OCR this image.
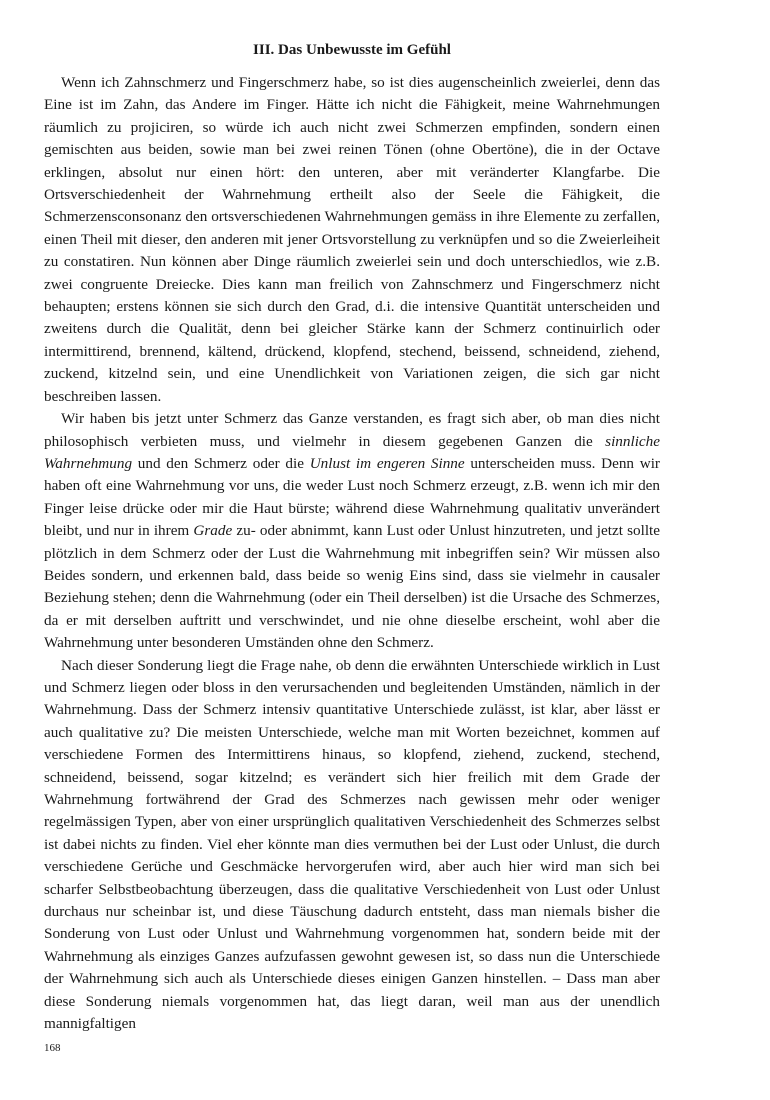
III. Das Unbewusste im Gefühl

Wenn ich Zahnschmerz und Fingerschmerz habe, so ist dies augenscheinlich zweierlei, denn das Eine ist im Zahn, das Andere im Finger. Hätte ich nicht die Fähigkeit, meine Wahrnehmungen räumlich zu projiciren, so würde ich auch nicht zwei Schmerzen empfinden, sondern einen gemischten aus beiden, sowie man bei zwei reinen Tönen (ohne Obertöne), die in der Octave erklingen, absolut nur einen hört: den unteren, aber mit veränderter Klangfarbe. Die Ortsverschiedenheit der Wahrnehmung ertheilt also der Seele die Fähigkeit, die Schmerzensconsonanz den ortsverschiedenen Wahrnehmungen gemäss in ihre Elemente zu zerfallen, einen Theil mit dieser, den anderen mit jener Ortsvorstellung zu verknüpfen und so die Zweierleiheit zu constatiren. Nun können aber Dinge räumlich zweierlei sein und doch unterschiedlos, wie z.B. zwei congruente Dreiecke. Dies kann man freilich von Zahnschmerz und Fingerschmerz nicht behaupten; erstens können sie sich durch den Grad, d.i. die intensive Quantität unterscheiden und zweitens durch die Qualität, denn bei gleicher Stärke kann der Schmerz continuirlich oder intermittirend, brennend, kältend, drückend, klopfend, stechend, beissend, schneidend, ziehend, zuckend, kitzelnd sein, und eine Unendlichkeit von Variationen zeigen, die sich gar nicht beschreiben lassen.

Wir haben bis jetzt unter Schmerz das Ganze verstanden, es fragt sich aber, ob man dies nicht philosophisch verbieten muss, und vielmehr in diesem gegebenen Ganzen die sinnliche Wahrnehmung und den Schmerz oder die Unlust im engeren Sinne unterscheiden muss. Denn wir haben oft eine Wahrnehmung vor uns, die weder Lust noch Schmerz erzeugt, z.B. wenn ich mir den Finger leise drücke oder mir die Haut bürste; während diese Wahrnehmung qualitativ unverändert bleibt, und nur in ihrem Grade zu- oder abnimmt, kann Lust oder Unlust hinzutreten, und jetzt sollte plötzlich in dem Schmerz oder der Lust die Wahrnehmung mit inbegriffen sein? Wir müssen also Beides sondern, und erkennen bald, dass beide so wenig Eins sind, dass sie vielmehr in causaler Beziehung stehen; denn die Wahrnehmung (oder ein Theil derselben) ist die Ursache des Schmerzes, da er mit derselben auftritt und verschwindet, und nie ohne dieselbe erscheint, wohl aber die Wahrnehmung unter besonderen Umständen ohne den Schmerz.

Nach dieser Sonderung liegt die Frage nahe, ob denn die erwähnten Unterschiede wirklich in Lust und Schmerz liegen oder bloss in den verursachenden und begleitenden Umständen, nämlich in der Wahrnehmung. Dass der Schmerz intensiv quantitative Unterschiede zulässt, ist klar, aber lässt er auch qualitative zu? Die meisten Unterschiede, welche man mit Worten bezeichnet, kommen auf verschiedene Formen des Intermittirens hinaus, so klopfend, ziehend, zuckend, stechend, schneidend, beissend, sogar kitzelnd; es verändert sich hier freilich mit dem Grade der Wahrnehmung fortwährend der Grad des Schmerzes nach gewissen mehr oder weniger regelmässigen Typen, aber von einer ursprünglich qualitativen Verschiedenheit des Schmerzes selbst ist dabei nichts zu finden. Viel eher könnte man dies vermuthen bei der Lust oder Unlust, die durch verschiedene Gerüche und Geschmäcke hervorgerufen wird, aber auch hier wird man sich bei scharfer Selbstbeobachtung überzeugen, dass die qualitative Verschiedenheit von Lust oder Unlust durchaus nur scheinbar ist, und diese Täuschung dadurch entsteht, dass man niemals bisher die Sonderung von Lust oder Unlust und Wahrnehmung vorgenommen hat, sondern beide mit der Wahrnehmung als einziges Ganzes aufzufassen gewohnt gewesen ist, so dass nun die Unterschiede der Wahrnehmung sich auch als Unterschiede dieses einigen Ganzen hinstellen. – Dass man aber diese Sonderung niemals vorgenommen hat, das liegt daran, weil man aus der unendlich mannigfaltigen

168
